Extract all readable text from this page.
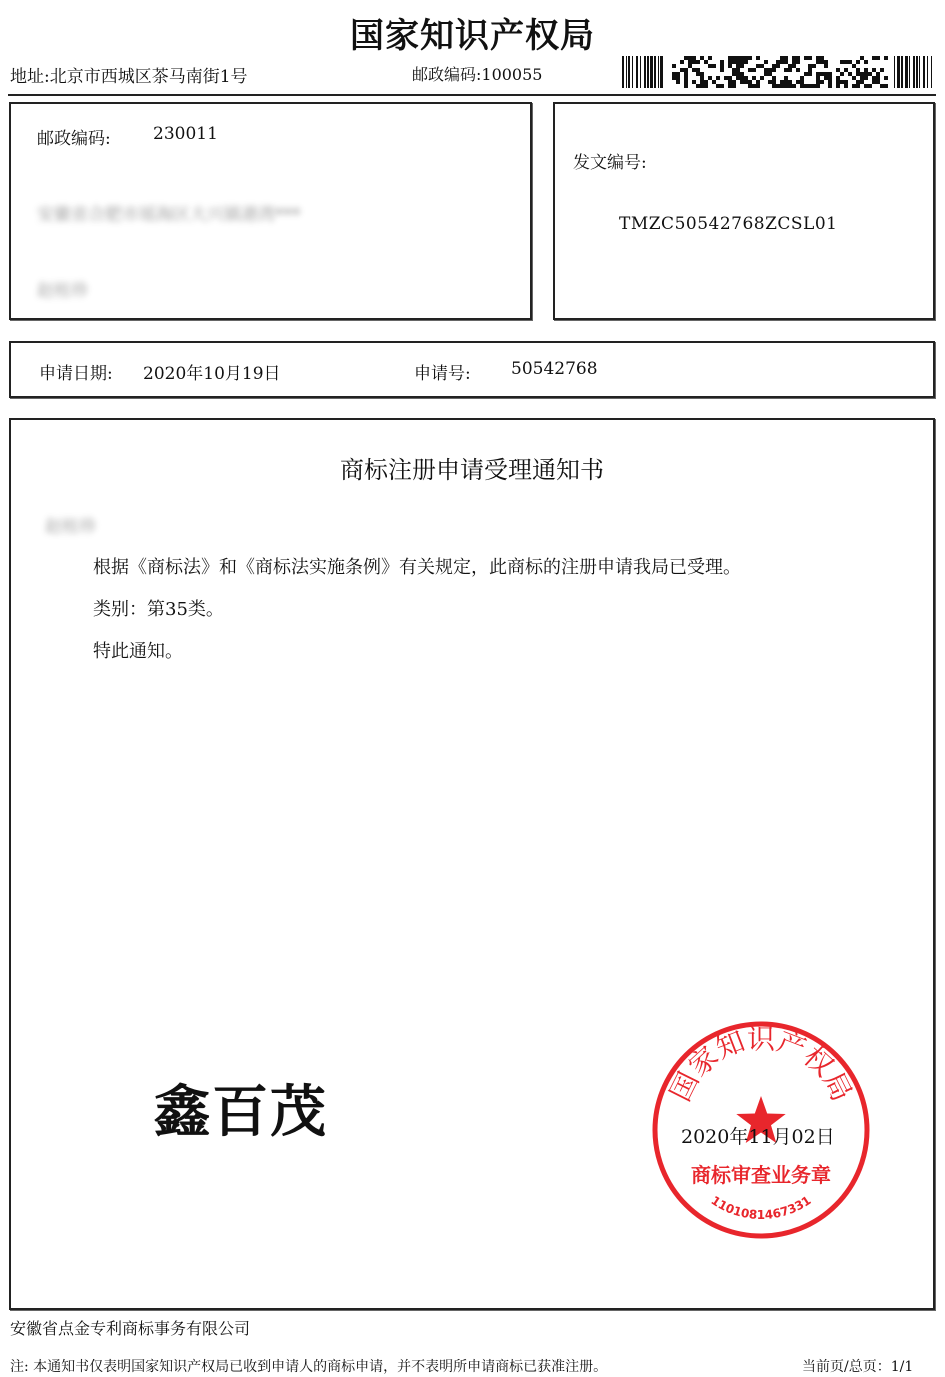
国家知识产权局
地址:北京市西城区茶马南街1号	邮政编码:100055
邮政编码: 230011
安徽省合肥市瑶海区大兴镇港湾***
赵桂珍
发文编号:
TMZC50542768ZCSL01
申请日期: 2020年10月19日	申请号: 50542768
商标注册申请受理通知书
赵桂珍
根据《商标法》和《商标法实施条例》有关规定，此商标的注册申请我局已受理。
类别：第35类。
特此通知。
鑫百茂	国家知识产权局
商标审查业务章
1101081467331
2020年11月02日
安徽省点金专利商标事务有限公司
注: 本通知书仅表明国家知识产权局已收到申请人的商标申请，并不表明所申请商标已获准注册。	当前页/总页：1/1
